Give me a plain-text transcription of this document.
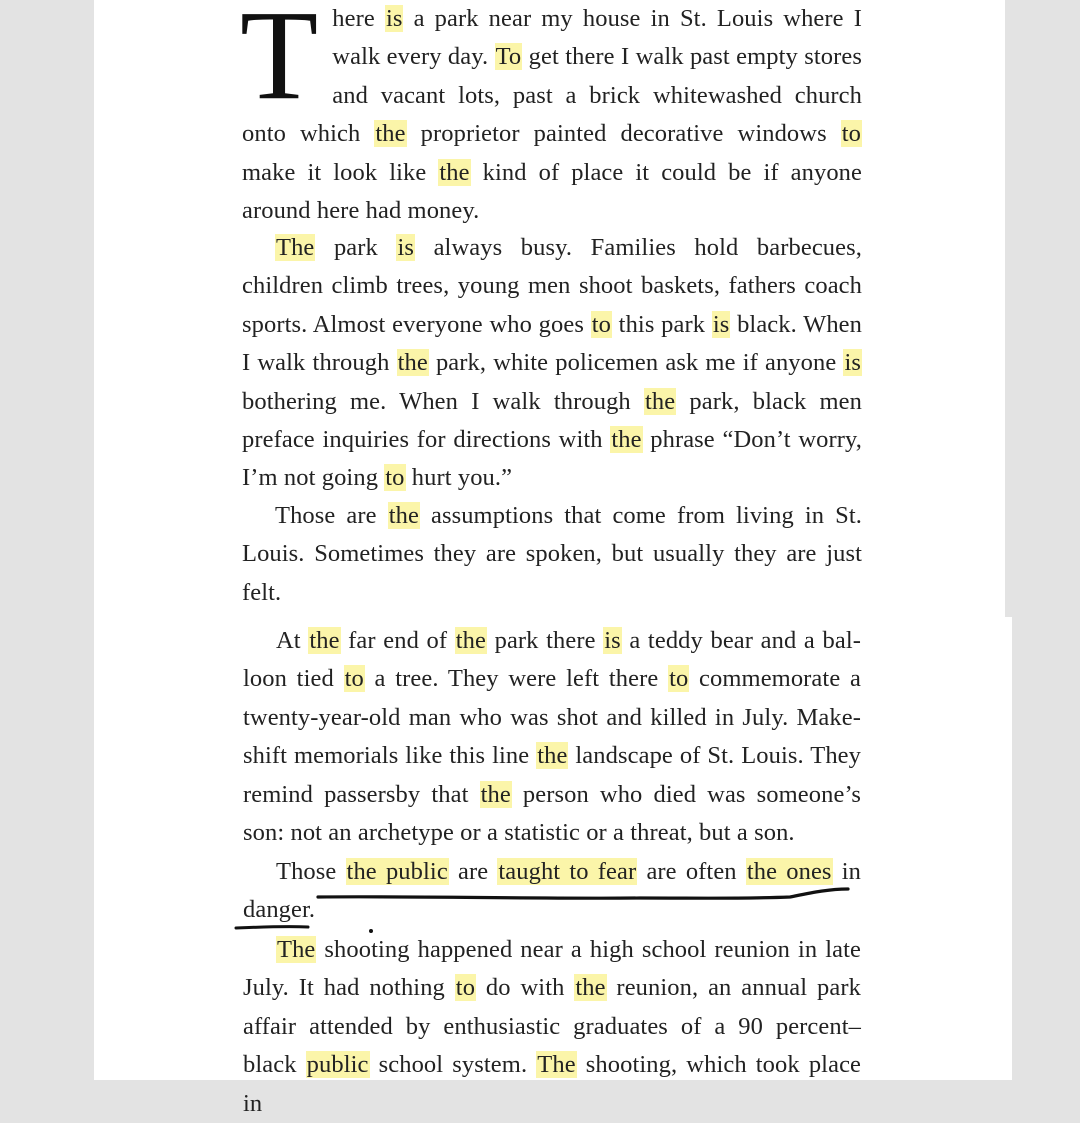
There is a park near my house in St. Louis where I walk every day. To get there I walk past empty stores and vacant lots, past a brick whitewashed church onto which the proprietor painted decorative windows to make it look like the kind of place it could be if anyone around here had money.
The park is always busy. Families hold barbecues, children climb trees, young men shoot baskets, fathers coach sports. Almost everyone who goes to this park is black. When I walk through the park, white policemen ask me if anyone is bothering me. When I walk through the park, black men preface inquiries for directions with the phrase “Don’t worry, I’m not going to hurt you.”
Those are the assumptions that come from living in St. Louis. Sometimes they are spoken, but usually they are just felt.
At the far end of the park there is a teddy bear and a bal-loon tied to a tree. They were left there to commemorate a twenty-year-old man who was shot and killed in July. Make-shift memorials like this line the landscape of St. Louis. They remind passersby that the person who died was someone’s son: not an archetype or a statistic or a threat, but a son.
Those the public are taught to fear are often the ones in danger.
The shooting happened near a high school reunion in late July. It had nothing to do with the reunion, an annual park affair attended by enthusiastic graduates of a 90 percent–black public school system. The shooting, which took place in
